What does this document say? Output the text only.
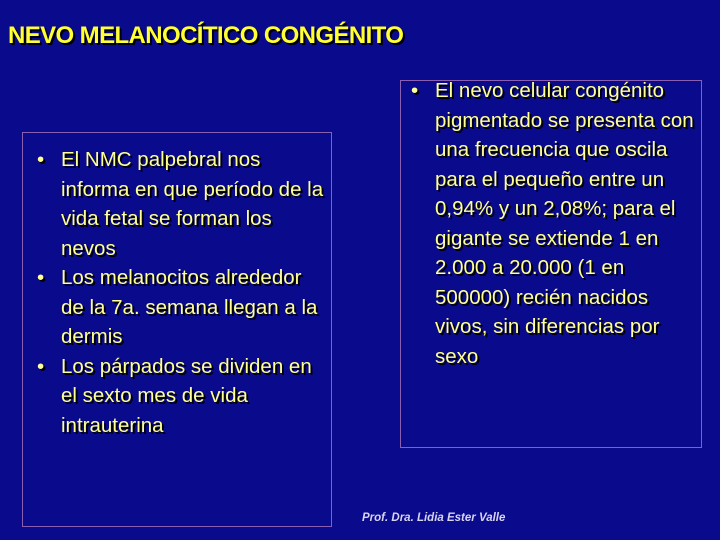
NEVO MELANOCÍTICO CONGÉNITO
• El NMC palpebral nos informa en que período de la vida fetal se forman los nevos
• Los melanocitos alrededor de la 7a. semana llegan a la dermis
• Los párpados se dividen en el sexto mes de vida intrauterina
• El nevo celular congénito pigmentado se presenta con una frecuencia que oscila para el pequeño entre un 0,94% y un 2,08%; para el gigante se extiende 1 en 2.000 a 20.000 (1 en 500000) recién nacidos vivos, sin diferencias por sexo
Prof. Dra. Lidia Ester Valle
